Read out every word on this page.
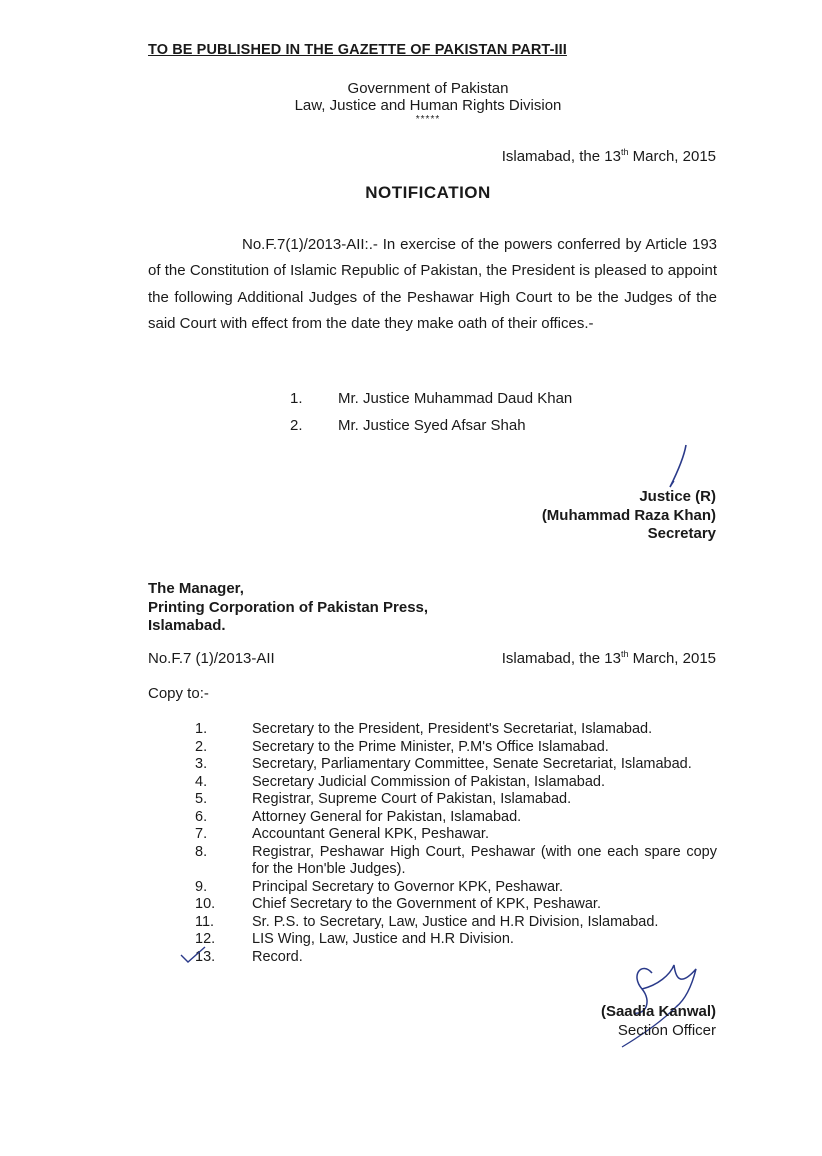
TO BE PUBLISHED IN THE GAZETTE OF PAKISTAN PART-III

Government of Pakistan

Law, Justice and Human Rights Division

*****

Islamabad, the 13th March, 2015

NOTIFICATION

No.F.7(1)/2013-AII:.- In exercise of the powers conferred by Article 193 of the Constitution of Islamic Republic of Pakistan, the President is pleased to appoint the following Additional Judges of the Peshawar High Court to be the Judges of the said Court with effect from the date they make oath of their offices.-

1.	Mr. Justice Muhammad Daud Khan
2.	Mr. Justice Syed Afsar Shah
Justice (R)
(Muhammad Raza Khan)
Secretary
The Manager,
Printing Corporation of Pakistan Press,
Islamabad.

No.F.7 (1)/2013-AII	Islamabad, the 13th March, 2015

Copy to:-

1.	Secretary to the President, President's Secretariat, Islamabad.
2.	Secretary to the Prime Minister, P.M's Office Islamabad.
3.	Secretary, Parliamentary Committee, Senate Secretariat, Islamabad.
4.	Secretary Judicial Commission of Pakistan, Islamabad.
5.	Registrar, Supreme Court of Pakistan, Islamabad.
6.	Attorney General for Pakistan, Islamabad.
7.	Accountant General KPK, Peshawar.
8.	Registrar, Peshawar High Court, Peshawar (with one each spare copy for the Hon'ble Judges).
9.	Principal Secretary to Governor KPK, Peshawar.
10.	Chief Secretary to the Government of KPK, Peshawar.
11.	Sr. P.S. to Secretary, Law, Justice and H.R Division, Islamabad.
12.	LIS Wing, Law, Justice and H.R Division.
13.	Record.
(Saadia Kanwal)
Section Officer
